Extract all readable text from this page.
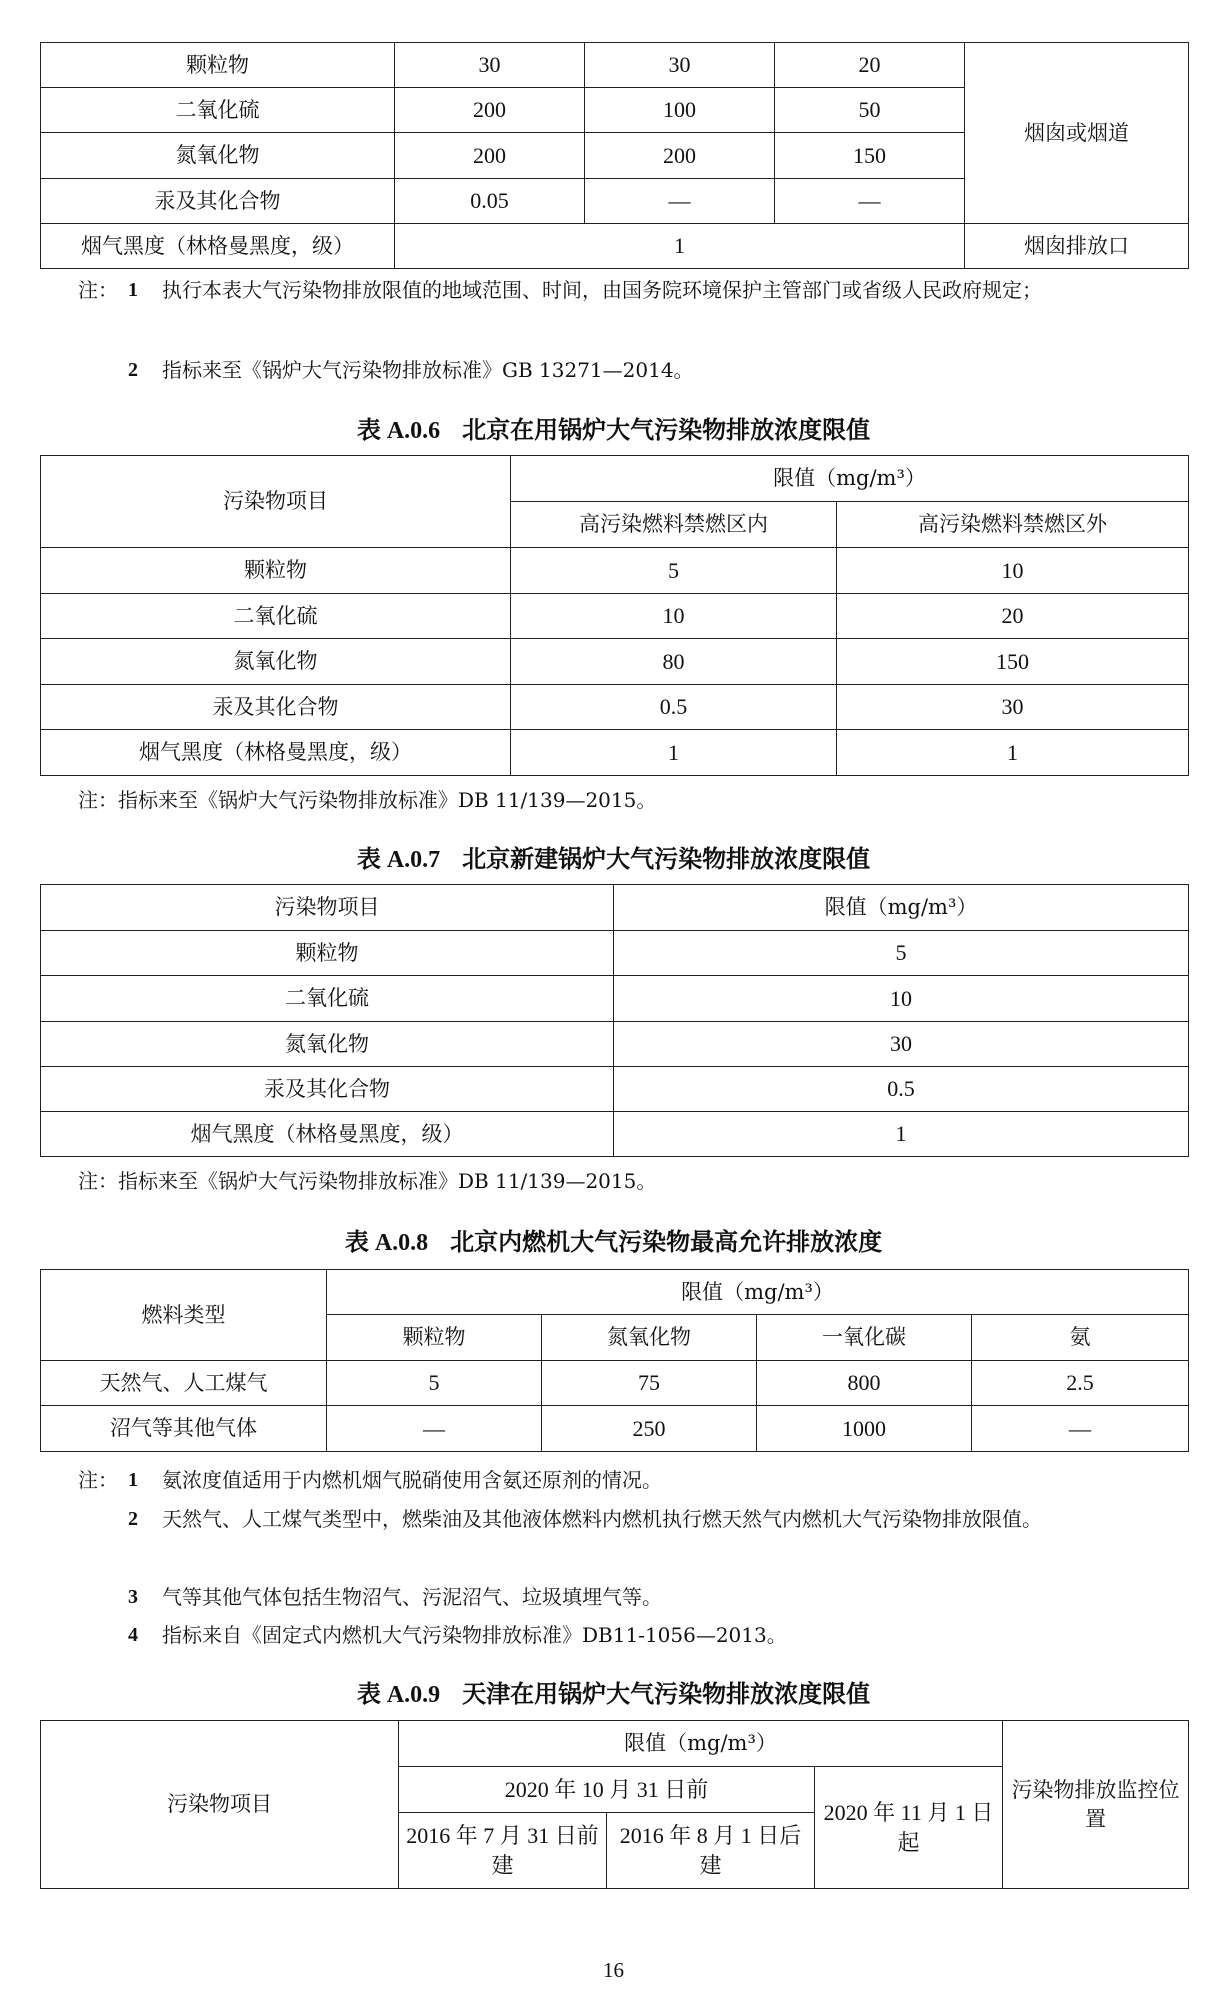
颗粒物	30	30	20	烟囱或烟道
二氧化硫	200	100	50	
氮氧化物	200	200	150	
汞及其化合物	0.05	—	—	
烟气黑度（林格曼黑度，级）	1			烟囱排放口
注： 1	执行本表大气污染物排放限值的地域范围、时间，由国务院环境保护主管部门或省级人民政府规定；
2	指标来至《锅炉大气污染物排放标准》GB 13271—2014。
表 A.0.6 北京在用锅炉大气污染物排放浓度限值
污染物项目	限值（mg/m³）	
	高污染燃料禁燃区内	高污染燃料禁燃区外
颗粒物	5	10
二氧化硫	10	20
氮氧化物	80	150
汞及其化合物	0.5	30
烟气黑度（林格曼黑度，级）	1	1
注：指标来至《锅炉大气污染物排放标准》DB 11/139—2015。
表 A.0.7 北京新建锅炉大气污染物排放浓度限值
污染物项目	限值（mg/m³）
颗粒物	5
二氧化硫	10
氮氧化物	30
汞及其化合物	0.5
烟气黑度（林格曼黑度，级）	1
注：指标来至《锅炉大气污染物排放标准》DB 11/139—2015。
表 A.0.8 北京内燃机大气污染物最高允许排放浓度
燃料类型	限值（mg/m³）			
	颗粒物	氮氧化物	一氧化碳	氨
天然气、人工煤气	5	75	800	2.5
沼气等其他气体	—	250	1000	—
注： 1	氨浓度值适用于内燃机烟气脱硝使用含氨还原剂的情况。
2	天然气、人工煤气类型中，燃柴油及其他液体燃料内燃机执行燃天然气内燃机大气污染物排放限值。
3	气等其他气体包括生物沼气、污泥沼气、垃圾填埋气等。
4	指标来自《固定式内燃机大气污染物排放标准》DB11-1056—2013。
表 A.0.9 天津在用锅炉大气污染物排放浓度限值
污染物项目	限值（mg/m³）			污染物排放监控位置
	2020 年 10 月 31 日前		2020 年 11 月 1 日起	
	2016 年 7 月 31 日前建	2016 年 8 月 1 日后建		
16
